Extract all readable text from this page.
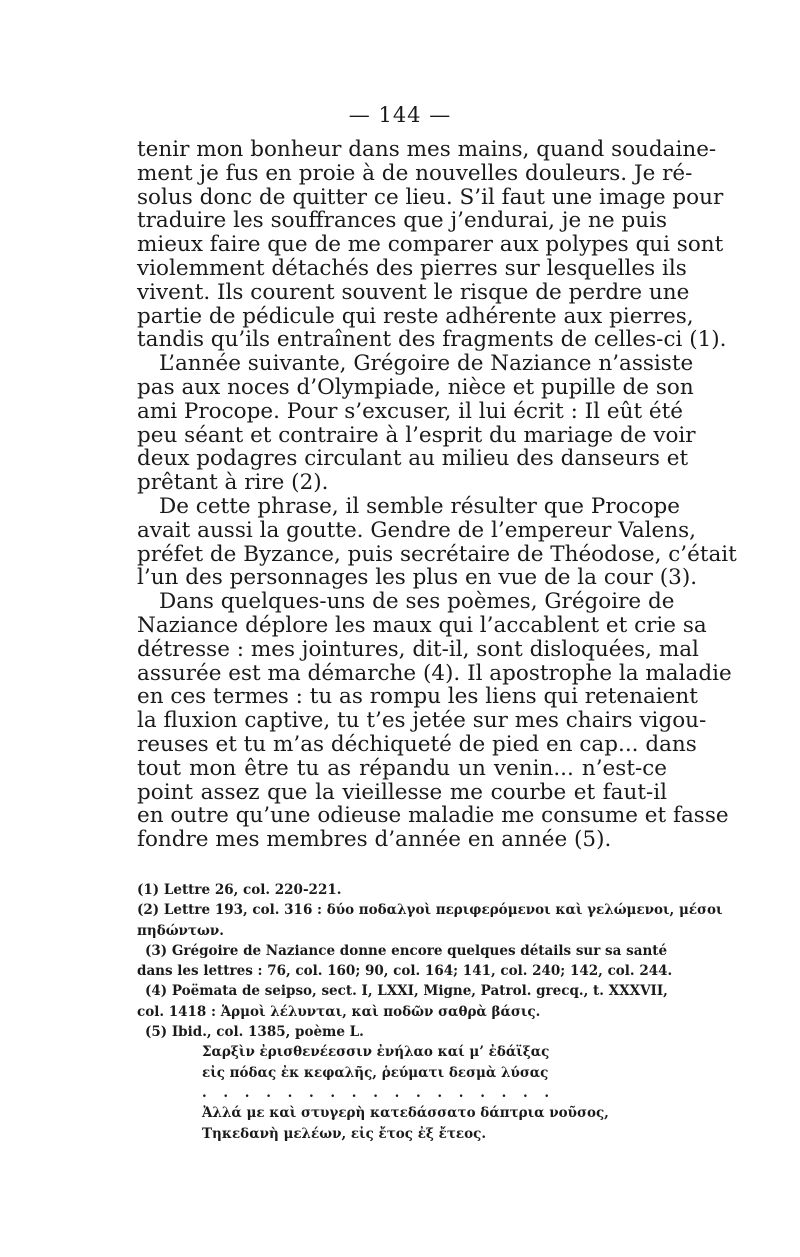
— 144 —
tenir mon bonheur dans mes mains, quand soudaine-
ment je fus en proie à de nouvelles douleurs. Je ré-
solus donc de quitter ce lieu. S’il faut une image pour
traduire les souffrances que j’endurai, je ne puis
mieux faire que de me comparer aux polypes qui sont
violemment détachés des pierres sur lesquelles ils
vivent. Ils courent souvent le risque de perdre une
partie de pédicule qui reste adhérente aux pierres,
tandis qu’ils entraînent des fragments de celles-ci (1).
L’année suivante, Grégoire de Naziance n’assiste
pas aux noces d’Olympiade, nièce et pupille de son
ami Procope. Pour s’excuser, il lui écrit : Il eût été
peu séant et contraire à l’esprit du mariage de voir
deux podagres circulant au milieu des danseurs et
prêtant à rire (2).
De cette phrase, il semble résulter que Procope
avait aussi la goutte. Gendre de l’empereur Valens,
préfet de Byzance, puis secrétaire de Théodose, c’était
l’un des personnages les plus en vue de la cour (3).
Dans quelques-uns de ses poèmes, Grégoire de
Naziance déplore les maux qui l’accablent et crie sa
détresse : mes jointures, dit-il, sont disloquées, mal
assurée est ma démarche (4). Il apostrophe la maladie
en ces termes : tu as rompu les liens qui retenaient
la fluxion captive, tu t’es jetée sur mes chairs vigou-
reuses et tu m’as déchiqueté de pied en cap... dans
tout mon être tu as répandu un venin... n’est-ce
point assez que la vieillesse me courbe et faut-il
en outre qu’une odieuse maladie me consume et fasse
fondre mes membres d’année en année (5).
(1) Lettre 26, col. 220-221.
(2) Lettre 193, col. 316 : δύο ποδαλγοὶ περιφερόμενοι καὶ γελώμενοι, μέσοι
πηδώντων.
(3) Grégoire de Naziance donne encore quelques détails sur sa santé
dans les lettres : 76, col. 160; 90, col. 164; 141, col. 240; 142, col. 244.
(4) Poëmata de seipso, sect. I, LXXI, Migne, Patrol. grecq., t. XXXVII,
col. 1418 : Ἁρμοὶ λέλυνται, καὶ ποδῶν σαθρὰ βάσις.
(5) Ibid., col. 1385, poème L.
Σαρξὶν ἐρισθενέεσσιν ἐνήλαο καί μ’ ἐδάϊξας
εἰς πόδας ἐκ κεφαλῆς, ῥεύματι δεσμὰ λύσας
. . . . . . . . . . . . . . . . .
Ἀλλά με καὶ στυγερὴ κατεδάσσατο δάπτρια νοῦσος,
Τηκεδανὴ μελέων, εἰς ἔτος ἐξ ἔτεος.
